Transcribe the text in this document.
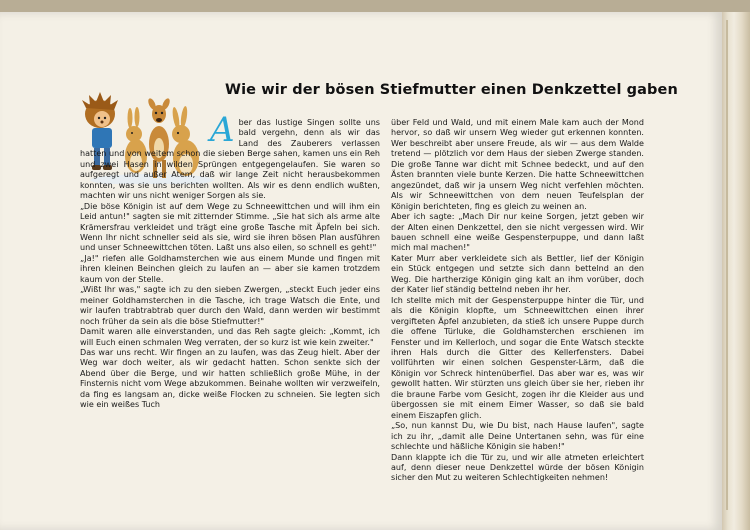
Wie wir der bösen Stiefmutter einen Denkzettel gaben

Aber das lustige Singen sollte uns bald vergehn, denn als wir das Land des Zauberers verlassen hatten und von weitem schon die sieben Berge sahen, kamen uns ein Reh und zwei Hasen in wilden Sprüngen entgegengelaufen. Sie waren so aufgeregt und außer Atem, daß wir lange Zeit nicht herausbekommen konnten, was sie uns berichten wollten. Als wir es denn endlich wußten, machten wir uns nicht weniger Sorgen als sie.

„Die böse Königin ist auf dem Wege zu Schneewittchen und will ihm ein Leid antun!" sagten sie mit zitternder Stimme. „Sie hat sich als arme alte Krämersfrau verkleidet und trägt eine große Tasche mit Äpfeln bei sich. Wenn Ihr nicht schneller seid als sie, wird sie ihren bösen Plan ausführen und unser Schneewittchen töten. Laßt uns also eilen, so schnell es geht!"

„Ja!" riefen alle Goldhamsterchen wie aus einem Munde und fingen mit ihren kleinen Beinchen gleich zu laufen an — aber sie kamen trotzdem kaum von der Stelle.

„Wißt Ihr was," sagte ich zu den sieben Zwergen, „steckt Euch jeder eins meiner Goldhamsterchen in die Tasche, ich trage Watsch die Ente, und wir laufen trabtrabtrab quer durch den Wald, dann werden wir bestimmt noch früher da sein als die böse Stiefmutter!"

Damit waren alle einverstanden, und das Reh sagte gleich: „Kommt, ich will Euch einen schmalen Weg verraten, der so kurz ist wie kein zweiter."

Das war uns recht. Wir fingen an zu laufen, was das Zeug hielt. Aber der Weg war doch weiter, als wir gedacht hatten. Schon senkte sich der Abend über die Berge, und wir hatten schließlich große Mühe, in der Finsternis nicht vom Wege abzukommen. Beinahe wollten wir verzweifeln, da fing es langsam an, dicke weiße Flocken zu schneien. Sie legten sich wie ein weißes Tuch

über Feld und Wald, und mit einem Male kam auch der Mond hervor, so daß wir unsern Weg wieder gut erkennen konnten. Wer beschreibt aber unsere Freude, als wir — aus dem Walde tretend — plötzlich vor dem Haus der sieben Zwerge standen. Die große Tanne war dicht mit Schnee bedeckt, und auf den Ästen brannten viele bunte Kerzen. Die hatte Schneewittchen angezündet, daß wir ja unsern Weg nicht verfehlen möchten. Als wir Schneewittchen von dem neuen Teufelsplan der Königin berichteten, fing es gleich zu weinen an.

Aber ich sagte: „Mach Dir nur keine Sorgen, jetzt geben wir der Alten einen Denkzettel, den sie nicht vergessen wird. Wir bauen schnell eine weiße Gespensterpuppe, und dann laßt mich mal machen!"

Kater Murr aber verkleidete sich als Bettler, lief der Königin ein Stück entgegen und setzte sich dann bettelnd an den Weg. Die hartherzige Königin ging kalt an ihm vorüber, doch der Kater lief ständig bettelnd neben ihr her.

Ich stellte mich mit der Gespensterpuppe hinter die Tür, und als die Königin klopfte, um Schneewittchen einen ihrer vergifteten Äpfel anzubieten, da stieß ich unsere Puppe durch die offene Türluke, die Goldhamsterchen erschienen im Fenster und im Kellerloch, und sogar die Ente Watsch steckte ihren Hals durch die Gitter des Kellerfensters. Dabei vollführten wir einen solchen Gespenster-Lärm, daß die Königin vor Schreck hintenüberfiel. Das aber war es, was wir gewollt hatten. Wir stürzten uns gleich über sie her, rieben ihr die braune Farbe vom Gesicht, zogen ihr die Kleider aus und übergossen sie mit einem Eimer Wasser, so daß sie bald einem Eiszapfen glich.

„So, nun kannst Du, wie Du bist, nach Hause laufen", sagte ich zu ihr, „damit alle Deine Untertanen sehn, was für eine schlechte und häßliche Königin sie haben!"

Dann klappte ich die Tür zu, und wir alle atmeten erleichtert auf, denn dieser neue Denkzettel würde der bösen Königin sicher den Mut zu weiteren Schlechtigkeiten nehmen!
